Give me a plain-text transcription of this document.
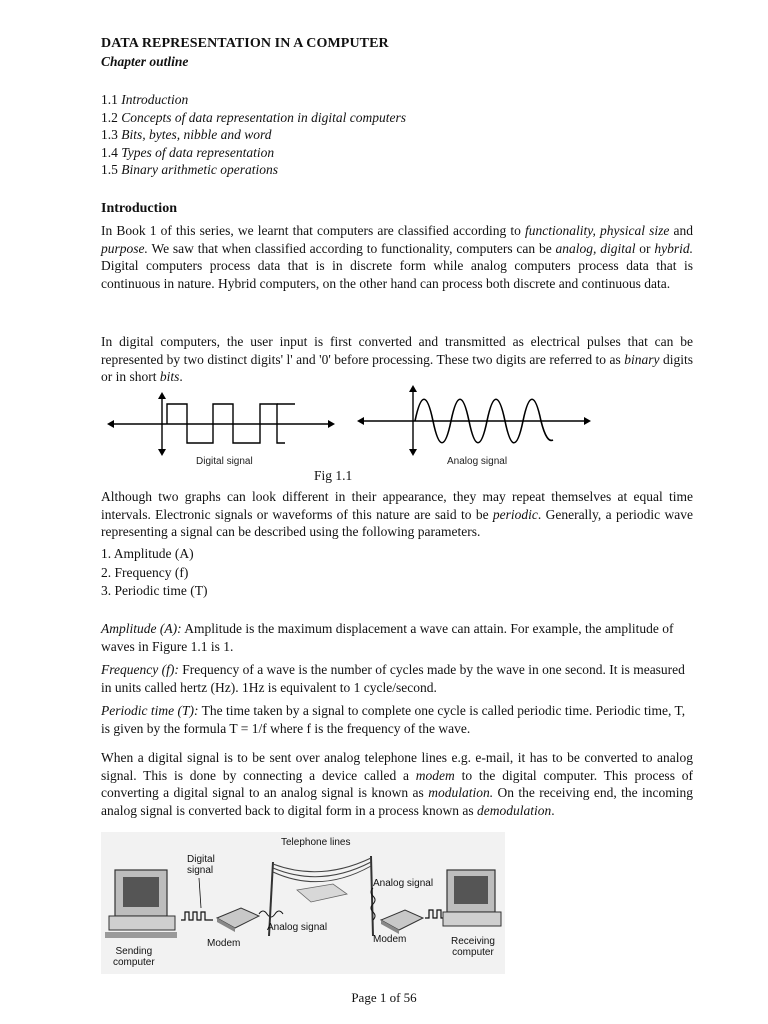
DATA REPRESENTATION IN A COMPUTER
Chapter outline
1.1 Introduction
1.2 Concepts of data representation in digital computers
1.3 Bits, bytes, nibble and word
1.4 Types of data representation
1.5 Binary arithmetic operations
Introduction
In Book 1 of this series, we learnt that computers are classified according to functionality, physical size and purpose. We saw that when classified according to functionality, computers can be analog, digital or hybrid. Digital computers process data that is in discrete form while analog computers process data that is continuous in nature. Hybrid computers, on the other hand can process both discrete and continuous data.
In digital computers, the user input is first converted and transmitted as electrical pulses that can be represented by two distinct digits' l' and '0' before processing. These two digits are referred to as binary digits or in short bits.
Digital signal	Analog signal
Fig 1.1
Although two graphs can look different in their appearance, they may repeat themselves at equal time intervals. Electronic signals or waveforms of this nature are said to be periodic. Generally, a periodic wave representing a signal can be described using the following parameters.
1. Amplitude (A)
2. Frequency (f)
3. Periodic time (T)
Amplitude (A): Amplitude is the maximum displacement a wave can attain. For example, the amplitude of waves in Figure 1.1 is 1.
Frequency (f): Frequency of a wave is the number of cycles made by the wave in one second. It is measured in units called hertz (Hz). 1Hz is equivalent to 1 cycle/second.
Periodic time (T): The time taken by a signal to complete one cycle is called periodic time. Periodic time, T, is given by the formula T = 1/f where f is the frequency of the wave.
When a digital signal is to be sent over analog telephone lines e.g. e-mail, it has to be converted to analog signal. This is done by connecting a device called a modem to the digital computer. This process of converting a digital signal to an analog signal is known as modulation. On the receiving end, the incoming analog signal is converted back to digital form in a process known as demodulation.
Telephone lines
Digital
signal
Analog signal
Analog signal
Modem	Modem
Sending
computer
Receiving
computer
Page 1 of 56
